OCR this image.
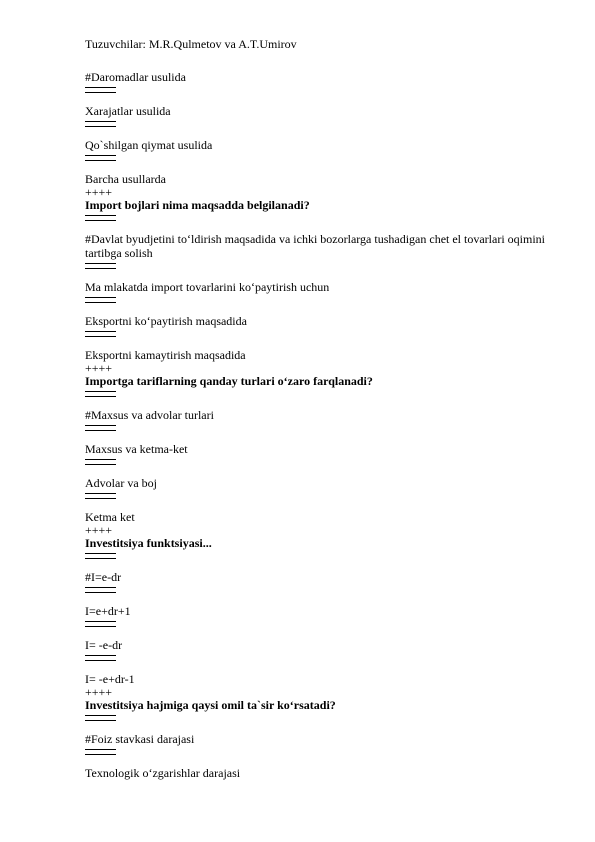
Tuzuvchilar: M.R.Qulmetov va A.T.Umirov
#Daromadlar usulida
Xarajatlar usulida
Qo`shilgan qiymat usulida
Barcha usullarda
++++
Import bojlari nima maqsadda belgilanadi?
#Davlat byudjetini to‘ldirish maqsadida va ichki bozorlarga tushadigan chet el tovarlari oqimini tartibga solish
Ma mlakatda import tovarlarini ko‘paytirish uchun
Eksportni ko‘paytirish maqsadida
Eksportni kamaytirish maqsadida
++++
Importga tariflarning qanday turlari o‘zaro farqlanadi?
#Maxsus va advolar turlari
Maxsus va ketma-ket
Advolar va boj
Ketma ket
++++
Investitsiya funktsiyasi...
#I=e-dr
I=e+dr+1
I= -e-dr
I= -e+dr-1
++++
Investitsiya hajmiga qaysi omil ta`sir ko‘rsatadi?
#Foiz stavkasi darajasi
Texnologik o‘zgarishlar darajasi
